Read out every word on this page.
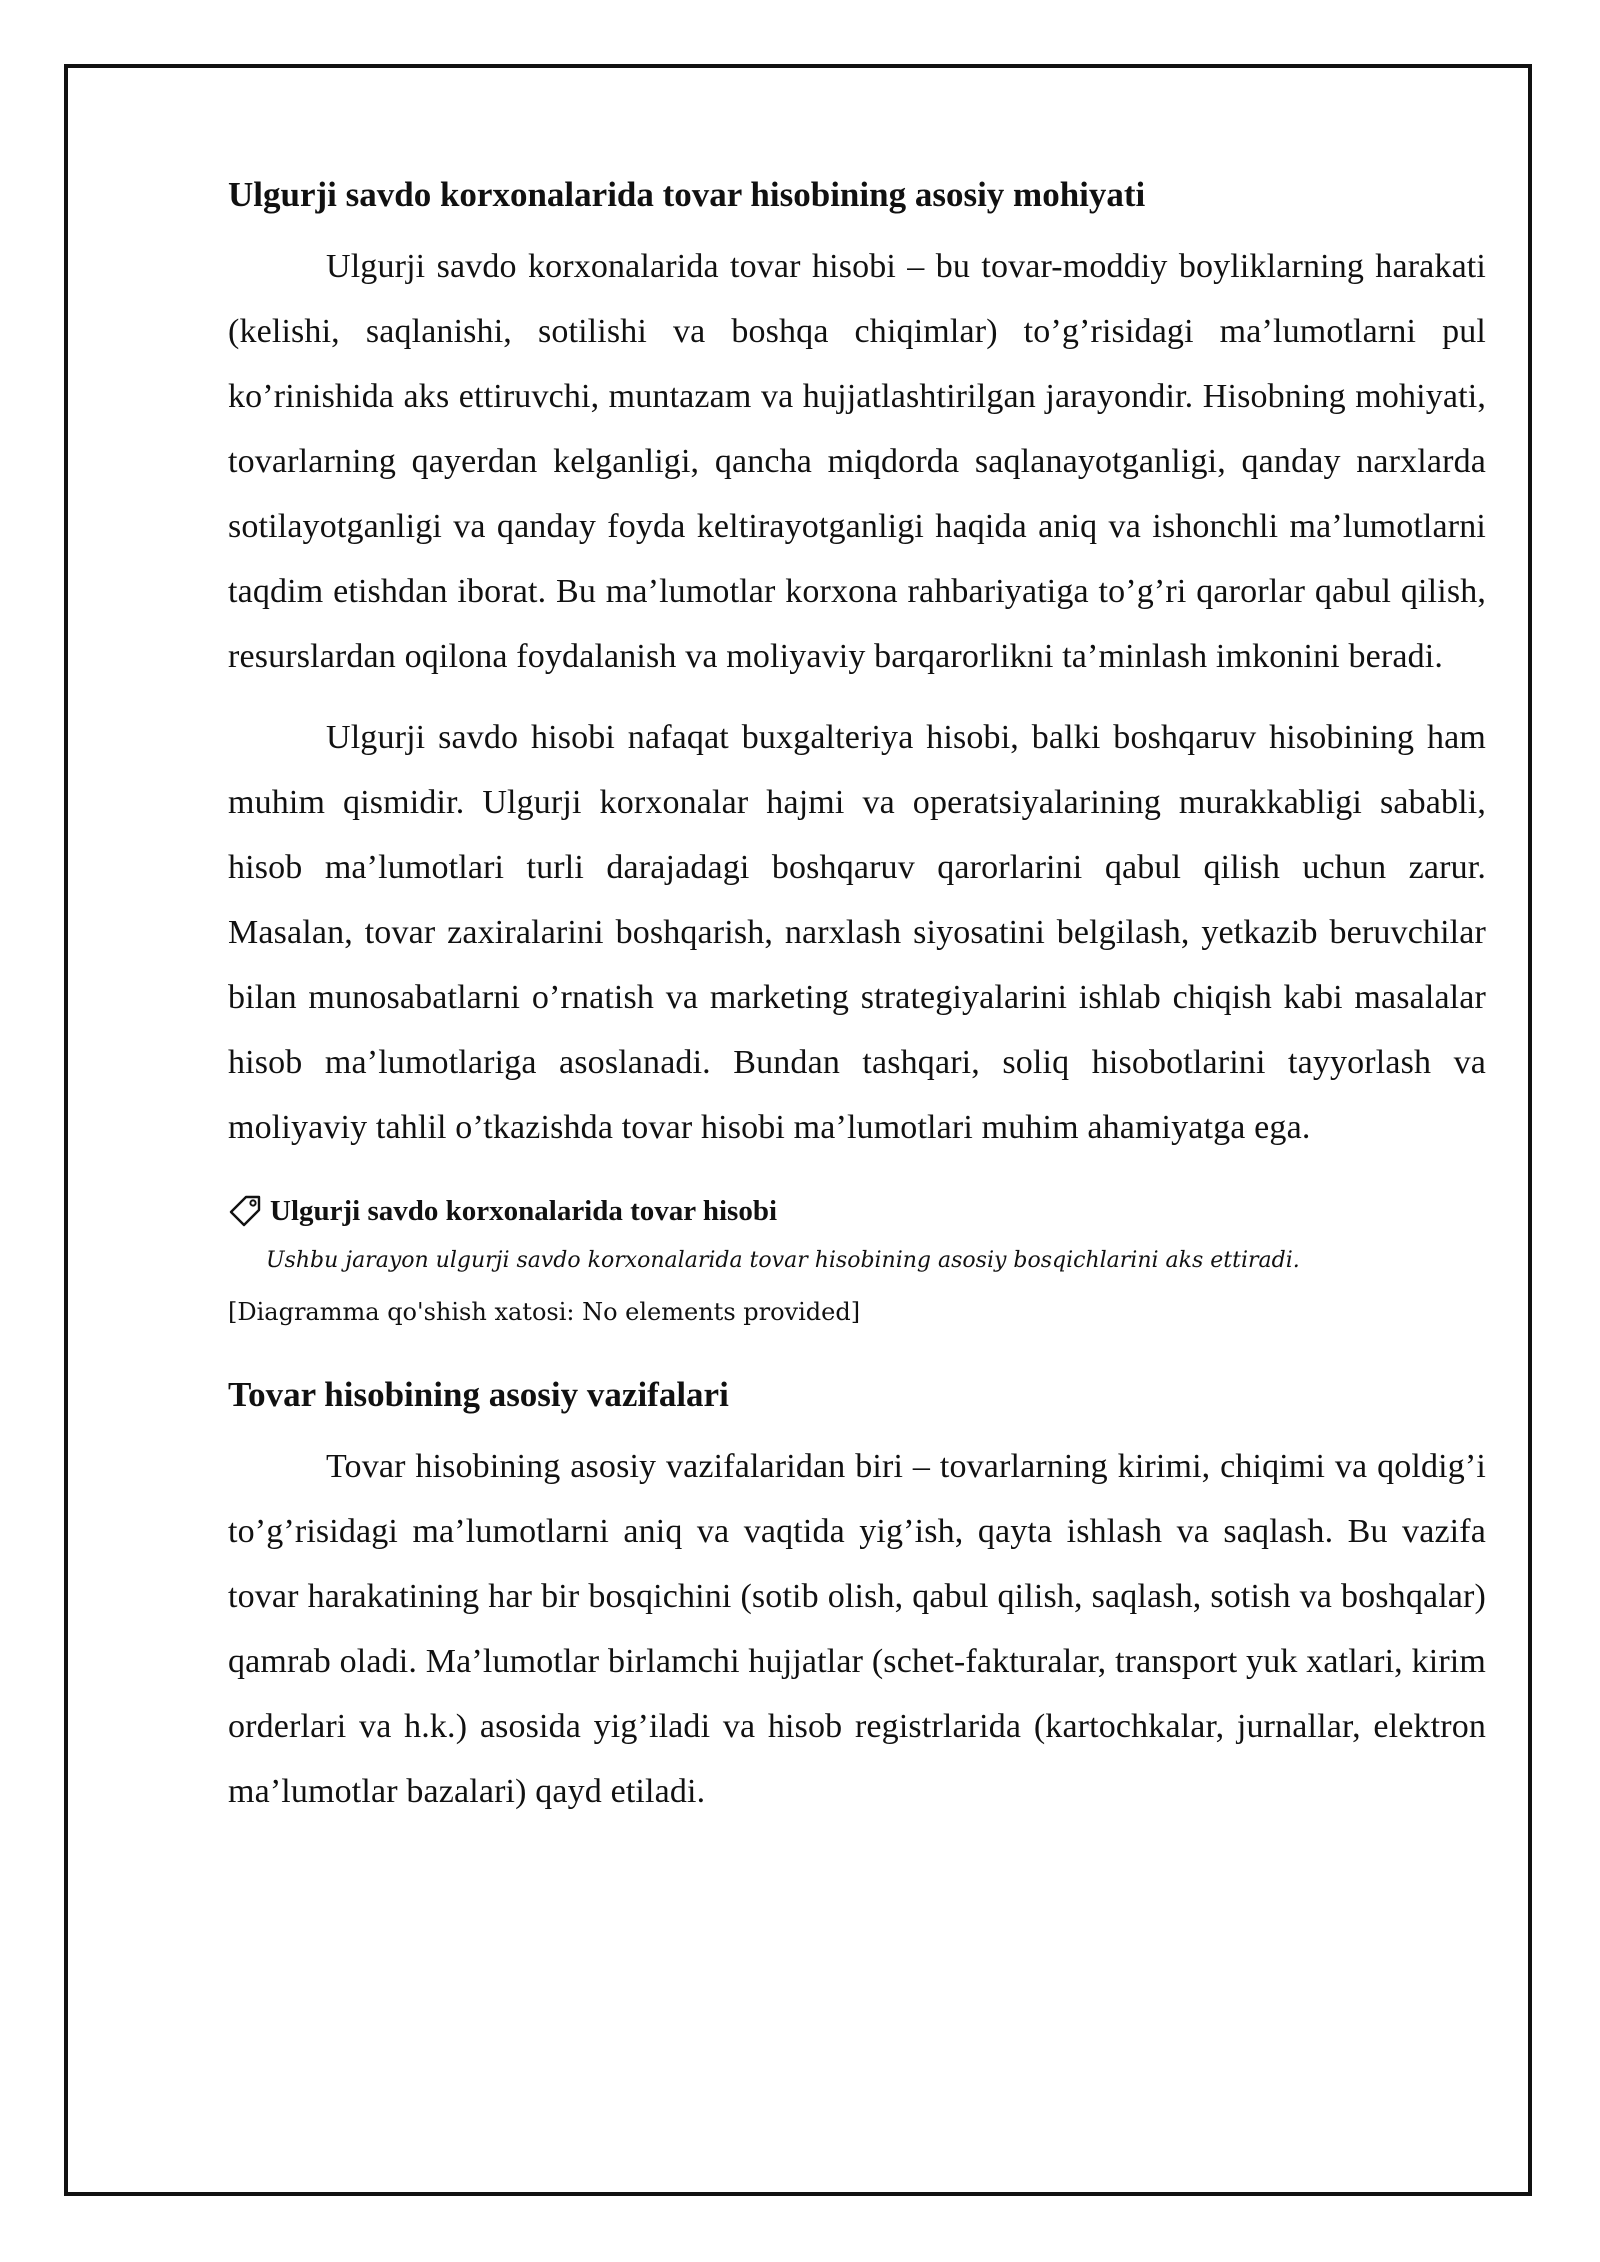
Ulgurji savdo korxonalarida tovar hisobining asosiy mohiyati

Ulgurji savdo korxonalarida tovar hisobi – bu tovar-moddiy boyliklarning harakati (kelishi, saqlanishi, sotilishi va boshqa chiqimlar) to’g’risidagi ma’lumotlarni pul ko’rinishida aks ettiruvchi, muntazam va hujjatlashtirilgan jarayondir. Hisobning mohiyati, tovarlarning qayerdan kelganligi, qancha miqdorda saqlanayotganligi, qanday narxlarda sotilayotganligi va qanday foyda keltirayotganligi haqida aniq va ishonchli ma’lumotlarni taqdim etishdan iborat. Bu ma’lumotlar korxona rahbariyatiga to’g’ri qarorlar qabul qilish, resurslardan oqilona foydalanish va moliyaviy barqarorlikni ta’minlash imkonini beradi.

Ulgurji savdo hisobi nafaqat buxgalteriya hisobi, balki boshqaruv hisobining ham muhim qismidir. Ulgurji korxonalar hajmi va operatsiyalarining murakkabligi sababli, hisob ma’lumotlari turli darajadagi boshqaruv qarorlarini qabul qilish uchun zarur. Masalan, tovar zaxiralarini boshqarish, narxlash siyosatini belgilash, yetkazib beruvchilar bilan munosabatlarni o’rnatish va marketing strategiyalarini ishlab chiqish kabi masalalar hisob ma’lumotlariga asoslanadi. Bundan tashqari, soliq hisobotlarini tayyorlash va moliyaviy tahlil o’tkazishda tovar hisobi ma’lumotlari muhim ahamiyatga ega.

Ulgurji savdo korxonalarida tovar hisobi
Ushbu jarayon ulgurji savdo korxonalarida tovar hisobining asosiy bosqichlarini aks ettiradi.
[Diagramma qo'shish xatosi: No elements provided]
Tovar hisobining asosiy vazifalari

Tovar hisobining asosiy vazifalaridan biri – tovarlarning kirimi, chiqimi va qoldig’i to’g’risidagi ma’lumotlarni aniq va vaqtida yig’ish, qayta ishlash va saqlash. Bu vazifa tovar harakatining har bir bosqichini (sotib olish, qabul qilish, saqlash, sotish va boshqalar) qamrab oladi. Ma’lumotlar birlamchi hujjatlar (schet-fakturalar, transport yuk xatlari, kirim orderlari va h.k.) asosida yig’iladi va hisob registrlarida (kartochkalar, jurnallar, elektron ma’lumotlar bazalari) qayd etiladi.
